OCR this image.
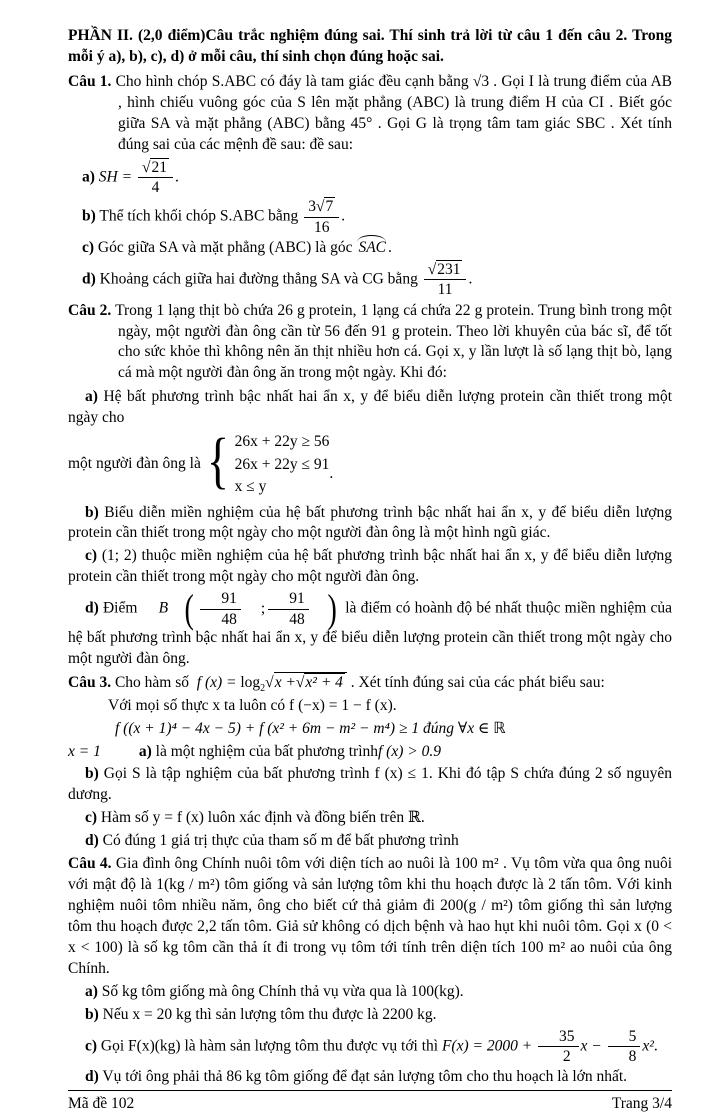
PHẦN II. (2,0 điểm)Câu trắc nghiệm đúng sai. Thí sinh trả lời từ câu 1 đến câu 2. Trong mỗi ý a), b), c), d) ở mỗi câu, thí sinh chọn đúng hoặc sai.

Câu 1. Cho hình chóp S.ABC có đáy là tam giác đều cạnh bằng √3 . Gọi I là trung điểm của AB , hình chiếu vuông góc của S lên mặt phẳng (ABC) là trung điểm H của CI . Biết góc giữa SA và mặt phẳng (ABC) bằng 45° . Gọi G là trọng tâm tam giác SBC . Xét tính đúng sai của các mệnh đề sau: đề sau:

a) SH = √ $\frac{21}{4}$ .

b) Thể tích khối chóp S.ABC bằng $\frac{3 √ 7}{16}$ .

c) Góc giữa SA và mặt phẳng (ABC) là góc SAC .

d) Khoảng cách giữa hai đường thẳng SA và CG bằng √ $\frac{231}{11}$ .

Câu 2. Trong 1 lạng thịt bò chứa 26 g protein, 1 lạng cá chứa 22 g protein. Trung bình trong một ngày, một người đàn ông cần từ 56 đến 91 g protein. Theo lời khuyên của bác sĩ, để tốt cho sức khỏe thì không nên ăn thịt nhiều hơn cá. Gọi x, y lần lượt là số lạng thịt bò, lạng cá mà một người đàn ông ăn trong một ngày. Khi đó:

a) Hệ bất phương trình bậc nhất hai ẩn x, y để biểu diễn lượng protein cần thiết trong một ngày cho

một người đàn ông là { 26x + 22y ≥ 56
26x + 22y ≤ 91
x ≤ y
.

b) Biểu diễn miền nghiệm của hệ bất phương trình bậc nhất hai ẩn x, y để biểu diễn lượng protein cần thiết trong một ngày cho một người đàn ông là một hình ngũ giác.

c) (1; 2) thuộc miền nghiệm của hệ bất phương trình bậc nhất hai ẩn x, y để biểu diễn lượng protein cần thiết trong một ngày cho một người đàn ông.

d) Điểm B ( $\frac{91}{48}$ ; $\frac{91}{48}$ ) là điểm có hoành độ bé nhất thuộc miền nghiệm của hệ bất phương trình bậc nhất hai ẩn x, y để biểu diễn lượng protein cần thiết trong một ngày cho một người đàn ông.

Câu 3. Cho hàm số f $(x) = \log_2$ √ x + √ x² + 4 . Xét tính đúng sai của các phát biểu sau:

Với mọi số thực x ta luôn có f (−x) = 1 − f (x).

f ((x + 1)⁴ − 4x − 5) + f (x² + 6m − m² − m⁴) ≥ 1 đúng ∀x ∈ ℝ

x = 1 a) là một nghiệm của bất phương trìnhf (x) > 0.9

b) Gọi S là tập nghiệm của bất phương trình f (x) ≤ 1. Khi đó tập S chứa đúng 2 số nguyên dương.

c) Hàm số y = f (x) luôn xác định và đồng biến trên ℝ.

d) Có đúng 1 giá trị thực của tham số m để bất phương trình

Câu 4. Gia đình ông Chính nuôi tôm với diện tích ao nuôi là 100 m² . Vụ tôm vừa qua ông nuôi với mật độ là 1(kg / m²) tôm giống và sản lượng tôm khi thu hoạch được là 2 tấn tôm. Với kinh nghiệm nuôi tôm nhiều năm, ông cho biết cứ thả giảm đi 200(g / m²) tôm giống thì sản lượng tôm thu hoạch được 2,2 tấn tôm. Giả sử không có dịch bệnh và hao hụt khi nuôi tôm. Gọi x (0 < x < 100) là số kg tôm cần thả ít đi trong vụ tôm tới tính trên diện tích 100 m² ao nuôi của ông Chính.

a) Số kg tôm giống mà ông Chính thả vụ vừa qua là 100(kg).

b) Nếu x = 20 kg thì sản lượng tôm thu được là 2200 kg.

c) Gọi F(x)(kg) là hàm sản lượng tôm thu được vụ tới thì $F(x) = 2000 + \frac{35}{2}$ $x - \frac{5}{8} x^2$.

d) Vụ tới ông phải thả 86 kg tôm giống để đạt sản lượng tôm cho thu hoạch là lớn nhất.

Mã đề 102	Trang 3/4
